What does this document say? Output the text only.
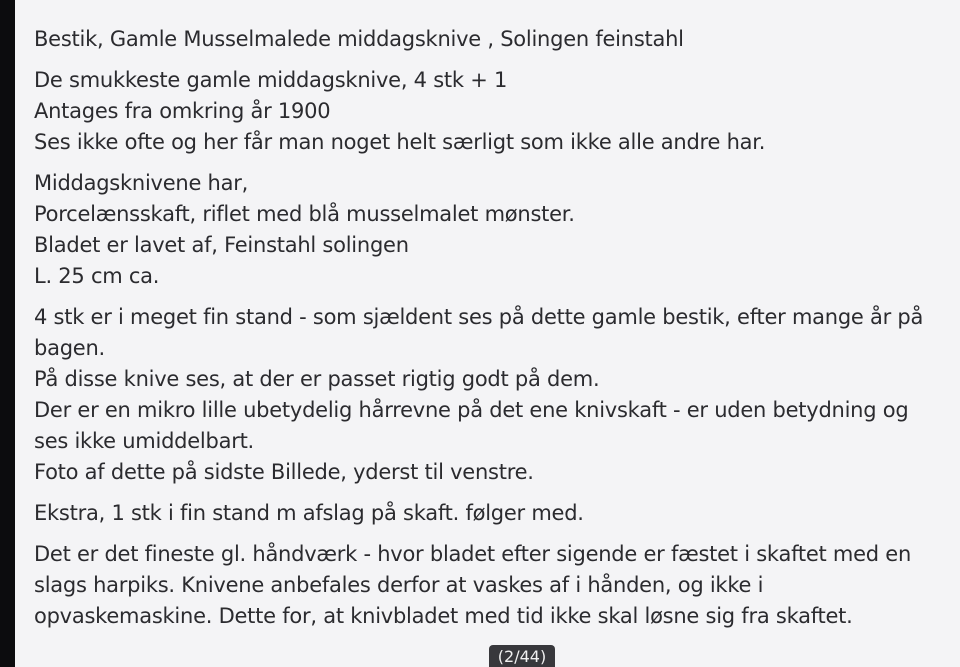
Bestik, Gamle Musselmalede middagsknive , Solingen feinstahl

De smukkeste gamle middagsknive, 4 stk + 1
Antages fra omkring år 1900
Ses ikke ofte og her får man noget helt særligt som ikke alle andre har.

Middagsknivene har,
Porcelænsskaft, riflet med blå musselmalet mønster.
Bladet er lavet af, Feinstahl solingen
L. 25 cm ca.

4 stk er i meget fin stand - som sjældent ses på dette gamle bestik, efter mange år på
bagen.
På disse knive ses, at der er passet rigtig godt på dem.
Der er en mikro lille ubetydelig hårrevne på det ene knivskaft - er uden betydning og
ses ikke umiddelbart.
Foto af dette på sidste Billede, yderst til venstre.

Ekstra, 1 stk i fin stand m afslag på skaft. følger med.

Det er det fineste gl. håndværk - hvor bladet efter sigende er fæstet i skaftet med en
slags harpiks. Knivene anbefales derfor at vaskes af i hånden, og ikke i
opvaskemaskine. Dette for, at knivbladet med tid ikke skal løsne sig fra skaftet.

(2/44)
